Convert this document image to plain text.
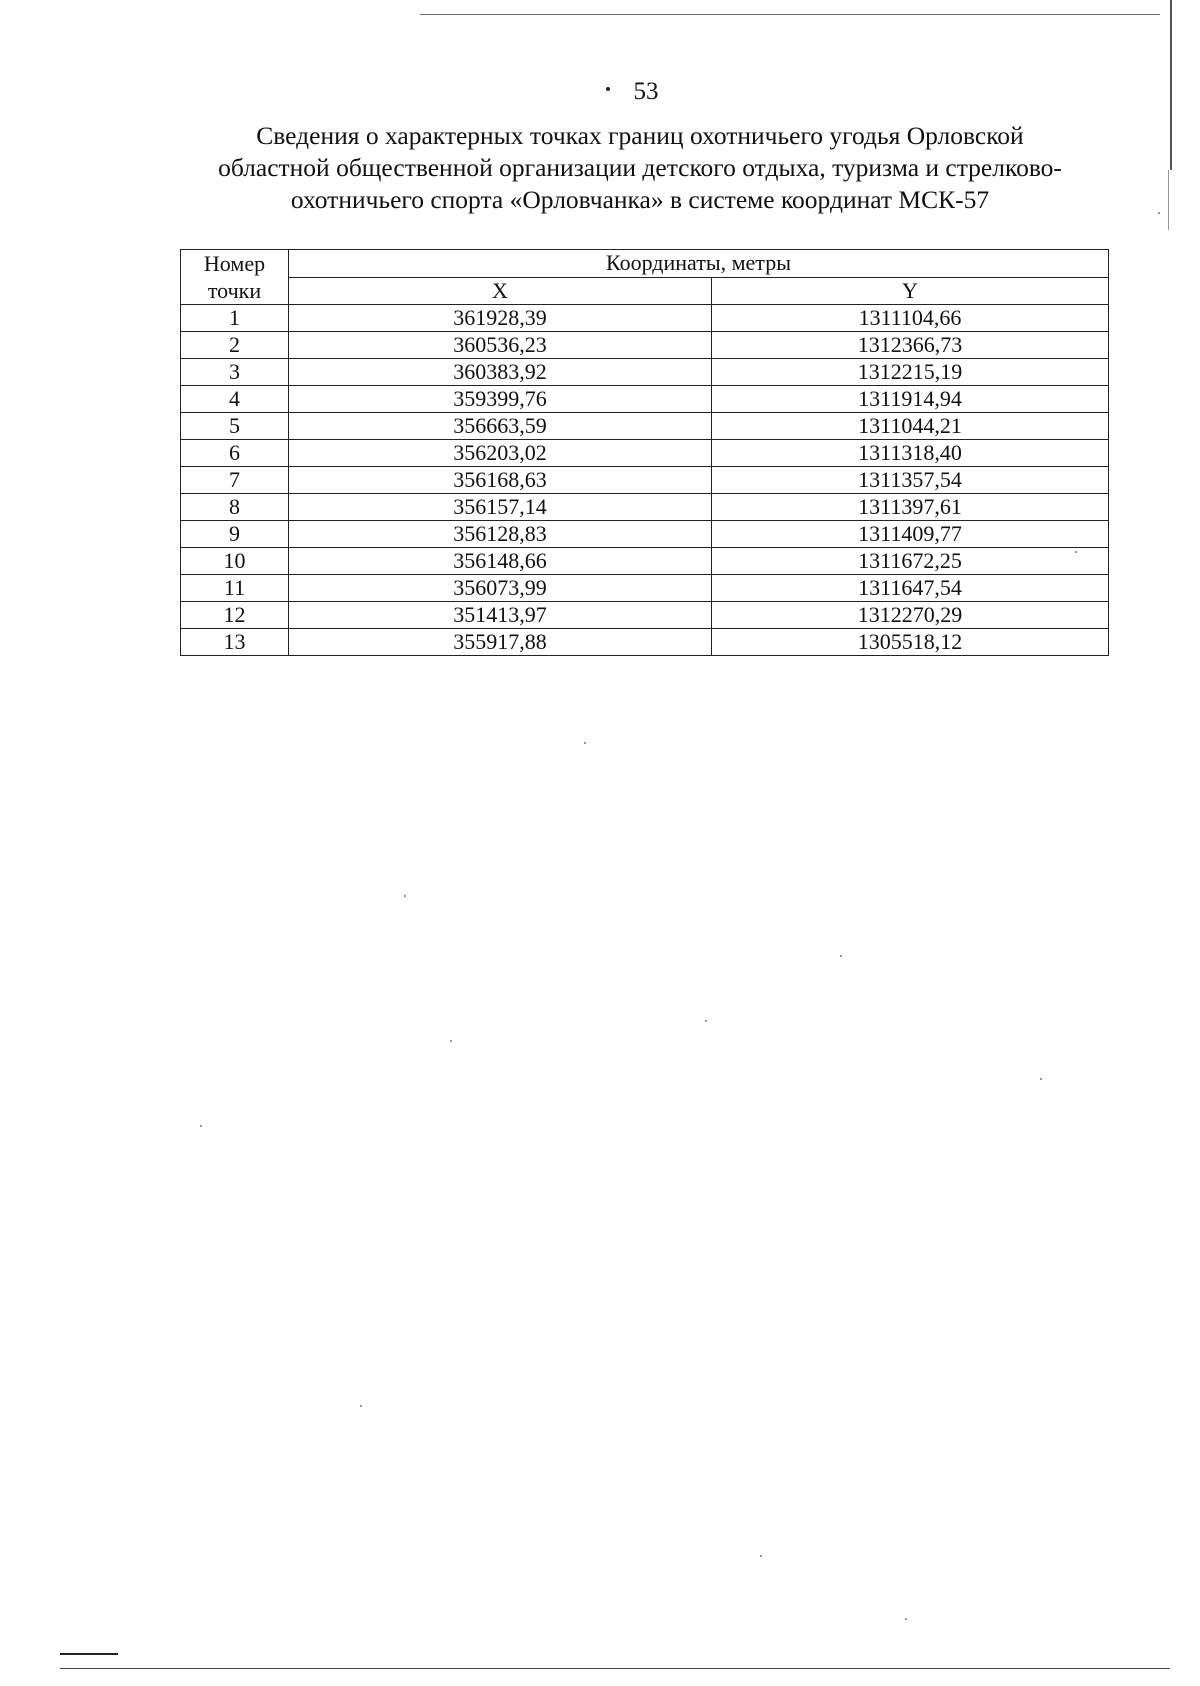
53
Сведения о характерных точках границ охотничьего угодья Орловской
областной общественной организации детского отдыха, туризма и стрелково-
охотничьего спорта «Орловчанка» в системе координат МСК-57
Номер
точки	Координаты, метры	
	X	Y
1	361928,39	1311104,66
2	360536,23	1312366,73
3	360383,92	1312215,19
4	359399,76	1311914,94
5	356663,59	1311044,21
6	356203,02	1311318,40
7	356168,63	1311357,54
8	356157,14	1311397,61
9	356128,83	1311409,77
10	356148,66	1311672,25
11	356073,99	1311647,54
12	351413,97	1312270,29
13	355917,88	1305518,12
